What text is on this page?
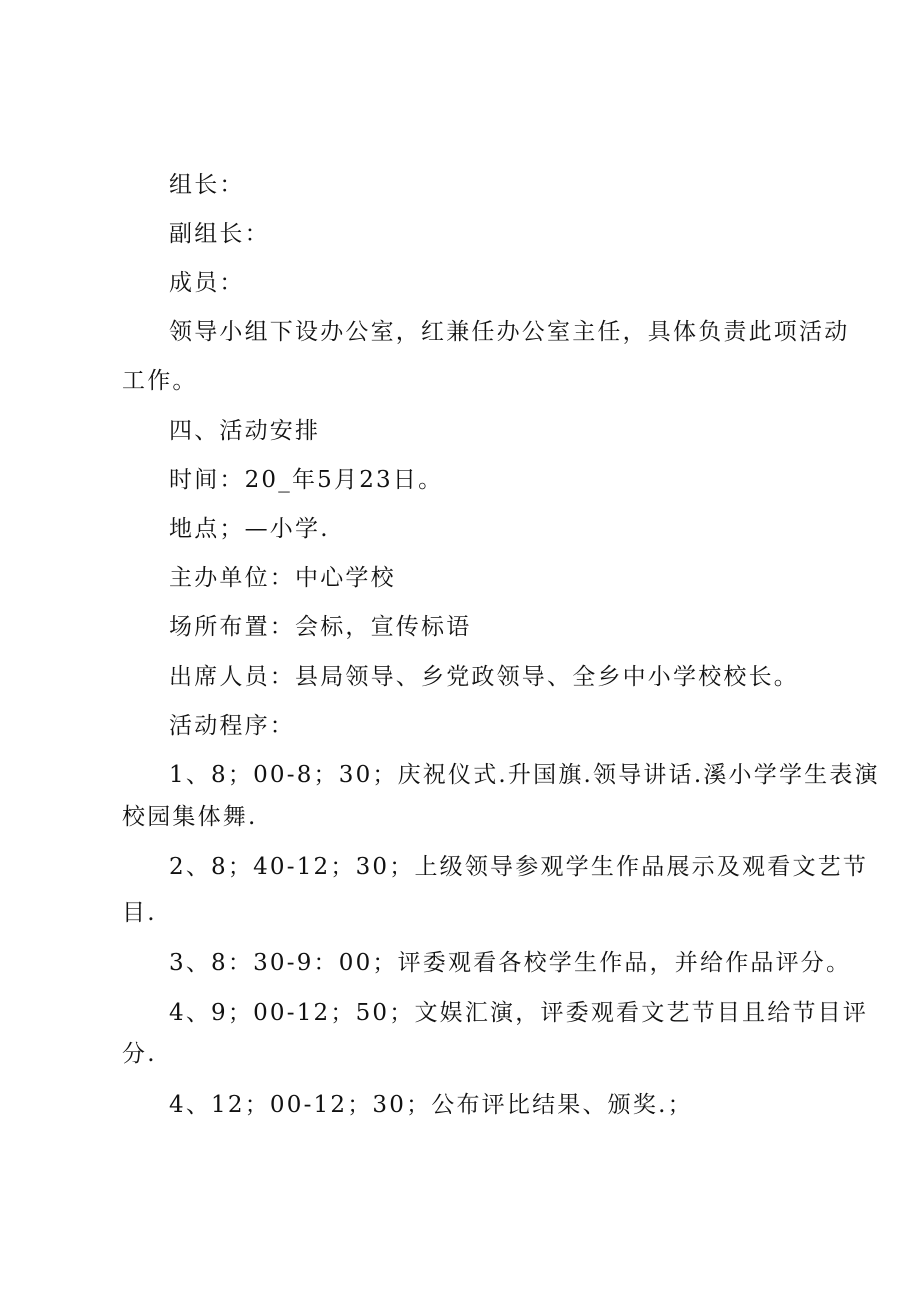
组长：
副组长：
成员：
领导小组下设办公室，红兼任办公室主任，具体负责此项活动
工作。
四、活动安排
时间：20_年5月23日。
地点；—小学.
主办单位：中心学校
场所布置：会标，宣传标语
出席人员：县局领导、乡党政领导、全乡中小学校校长。
活动程序：
1、8；00-8；30；庆祝仪式.升国旗.领导讲话.溪小学学生表演
校园集体舞.
2、8；40-12；30；上级领导参观学生作品展示及观看文艺节
目.
3、8：30-9：00；评委观看各校学生作品，并给作品评分。
4、9；00-12；50；文娱汇演，评委观看文艺节目且给节目评
分.
4、12；00-12；30；公布评比结果、颁奖.；
